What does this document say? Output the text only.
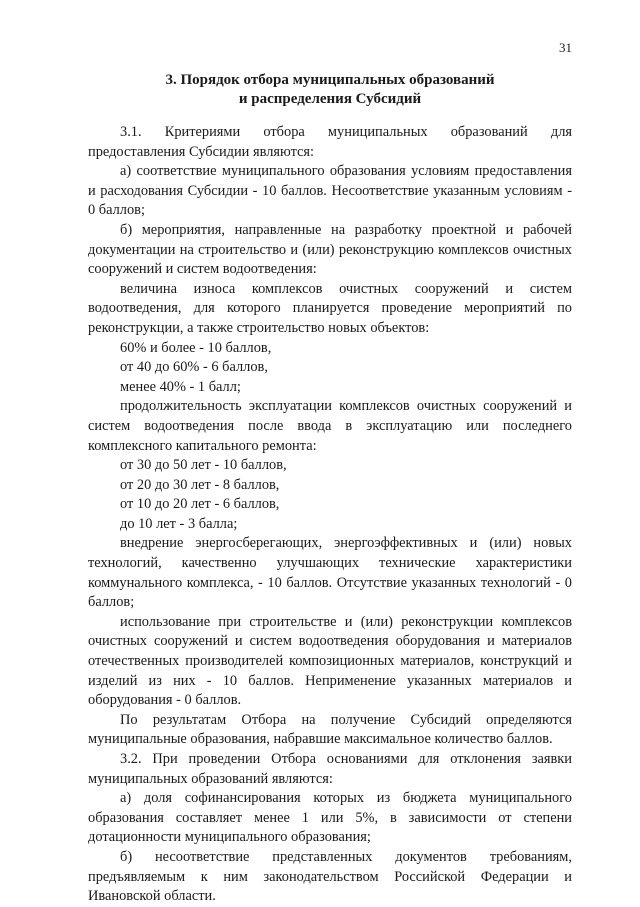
31
3. Порядок отбора муниципальных образований
и распределения Субсидий

3.1. Критериями отбора муниципальных образований для предоставления Субсидии являются:

а) соответствие муниципального образования условиям предоставления и расходования Субсидии - 10 баллов. Несоответствие указанным условиям - 0 баллов;

б) мероприятия, направленные на разработку проектной и рабочей документации на строительство и (или) реконструкцию комплексов очистных сооружений и систем водоотведения:

величина износа комплексов очистных сооружений и систем водоотведения, для которого планируется проведение мероприятий по реконструкции, а также строительство новых объектов:

60% и более - 10 баллов,

от 40 до 60% - 6 баллов,

менее 40% - 1 балл;

продолжительность эксплуатации комплексов очистных сооружений и систем водоотведения после ввода в эксплуатацию или последнего комплексного капитального ремонта:

от 30 до 50 лет - 10 баллов,

от 20 до 30 лет - 8 баллов,

от 10 до 20 лет - 6 баллов,

до 10 лет - 3 балла;

внедрение энергосберегающих, энергоэффективных и (или) новых технологий, качественно улучшающих технические характеристики коммунального комплекса, - 10 баллов. Отсутствие указанных технологий - 0 баллов;

использование при строительстве и (или) реконструкции комплексов очистных сооружений и систем водоотведения оборудования и материалов отечественных производителей композиционных материалов, конструкций и изделий из них - 10 баллов. Неприменение указанных материалов и оборудования - 0 баллов.

По результатам Отбора на получение Субсидий определяются муниципальные образования, набравшие максимальное количество баллов.

3.2. При проведении Отбора основаниями для отклонения заявки муниципальных образований являются:

а) доля софинансирования которых из бюджета муниципального образования составляет менее 1 или 5%, в зависимости от степени дотационности муниципального образования;

б) несоответствие представленных документов требованиям, предъявляемым к ним законодательством Российской Федерации и Ивановской области.
